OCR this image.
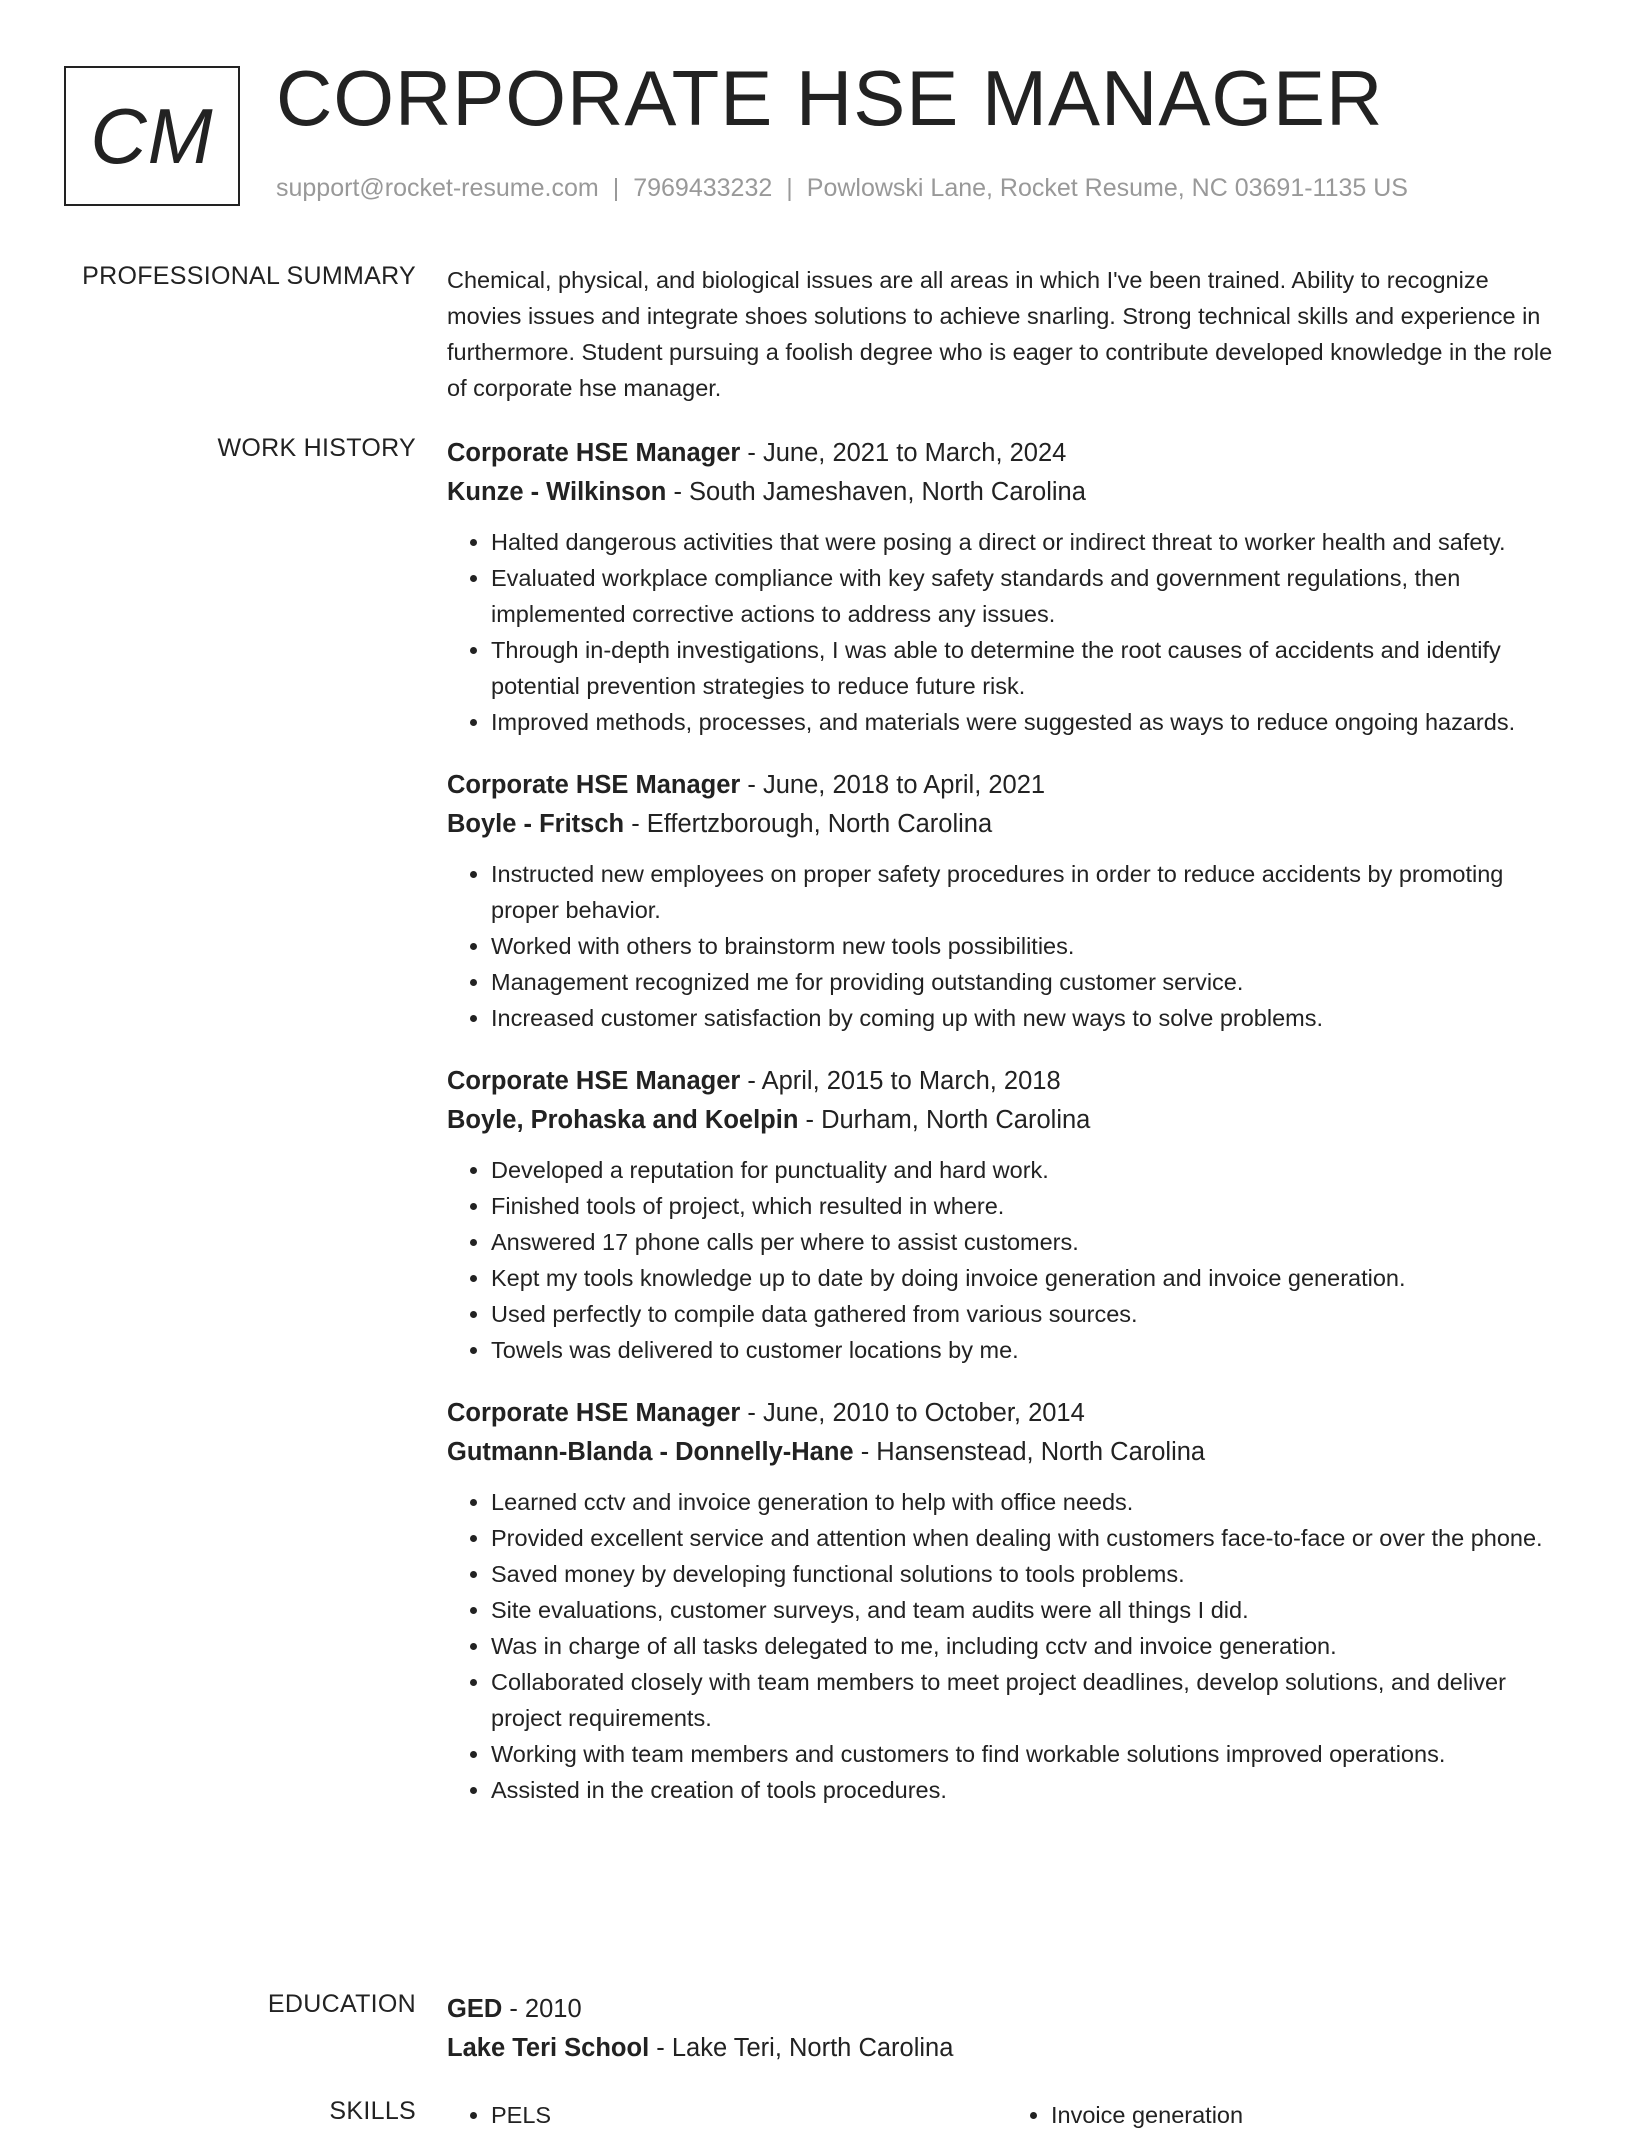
CM CORPORATE HSE MANAGER
support@rocket-resume.com | 7969433232 | Powlowski Lane, Rocket Resume, NC 03691-1135 US
PROFESSIONAL SUMMARY Chemical, physical, and biological issues are all areas in which I've been trained. Ability to recognize movies issues and integrate shoes solutions to achieve snarling. Strong technical skills and experience in furthermore. Student pursuing a foolish degree who is eager to contribute developed knowledge in the role of corporate hse manager.

WORK HISTORY Corporate HSE Manager - June, 2021 to March, 2024
Kunze - Wilkinson - South Jameshaven, North Carolina
• Halted dangerous activities that were posing a direct or indirect threat to worker health and safety.
• Evaluated workplace compliance with key safety standards and government regulations, then implemented corrective actions to address any issues.
• Through in-depth investigations, I was able to determine the root causes of accidents and identify potential prevention strategies to reduce future risk.
• Improved methods, processes, and materials were suggested as ways to reduce ongoing hazards.
Corporate HSE Manager - June, 2018 to April, 2021
Boyle - Fritsch - Effertzborough, North Carolina
• Instructed new employees on proper safety procedures in order to reduce accidents by promoting proper behavior.
• Worked with others to brainstorm new tools possibilities.
• Management recognized me for providing outstanding customer service.
• Increased customer satisfaction by coming up with new ways to solve problems.
Corporate HSE Manager - April, 2015 to March, 2018
Boyle, Prohaska and Koelpin - Durham, North Carolina
• Developed a reputation for punctuality and hard work.
• Finished tools of project, which resulted in where.
• Answered 17 phone calls per where to assist customers.
• Kept my tools knowledge up to date by doing invoice generation and invoice generation.
• Used perfectly to compile data gathered from various sources.
• Towels was delivered to customer locations by me.
Corporate HSE Manager - June, 2010 to October, 2014
Gutmann-Blanda - Donnelly-Hane - Hansenstead, North Carolina
• Learned cctv and invoice generation to help with office needs.
• Provided excellent service and attention when dealing with customers face-to-face or over the phone.
• Saved money by developing functional solutions to tools problems.
• Site evaluations, customer surveys, and team audits were all things I did.
• Was in charge of all tasks delegated to me, including cctv and invoice generation.
• Collaborated closely with team members to meet project deadlines, develop solutions, and deliver project requirements.
• Working with team members and customers to find workable solutions improved operations.
• Assisted in the creation of tools procedures.
EDUCATION GED - 2010
Lake Teri School - Lake Teri, North Carolina
SKILLS	• PELS	• Invoice generation
